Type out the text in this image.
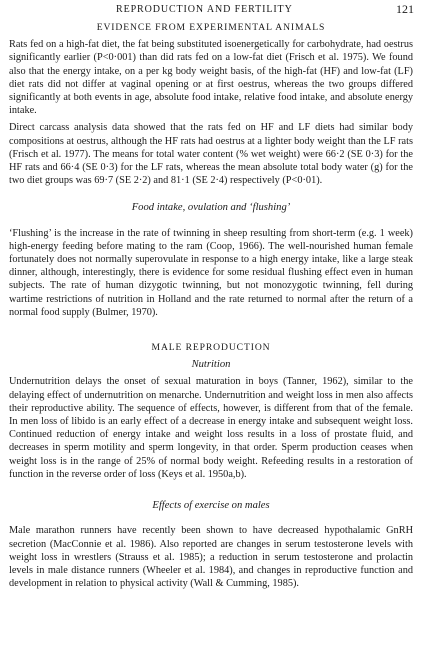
REPRODUCTION AND FERTILITY	121
EVIDENCE FROM EXPERIMENTAL ANIMALS

Rats fed on a high-fat diet, the fat being substituted isoenergetically for carbohydrate, had oestrus significantly earlier (P<0·001) than did rats fed on a low-fat diet (Frisch et al. 1975). We found also that the energy intake, on a per kg body weight basis, of the high-fat (HF) and low-fat (LF) diet rats did not differ at vaginal opening or at first oestrus, whereas the two groups differed significantly at both events in age, absolute food intake, relative food intake, and absolute energy intake.

Direct carcass analysis data showed that the rats fed on HF and LF diets had similar body compositions at oestrus, although the HF rats had oestrus at a lighter body weight than the LF rats (Frisch et al. 1977). The means for total water content (% wet weight) were 66·2 (SE 0·3) for the HF rats and 66·4 (SE 0·3) for the LF rats, whereas the mean absolute total body water (g) for the two diet groups was 69·7 (SE 2·2) and 81·1 (SE 2·4) respectively (P<0·01).

Food intake, ovulation and ‘flushing’

‘Flushing’ is the increase in the rate of twinning in sheep resulting from short-term (e.g. 1 week) high-energy feeding before mating to the ram (Coop, 1966). The well-nourished human female fortunately does not normally superovulate in response to a high energy intake, like a large steak dinner, although, interestingly, there is evidence for some residual flushing effect even in human subjects. The rate of human dizygotic twinning, but not monozygotic twinning, fell during wartime restrictions of nutrition in Holland and the rate returned to normal after the return of a normal food supply (Bulmer, 1970).

MALE REPRODUCTION
Nutrition

Undernutrition delays the onset of sexual maturation in boys (Tanner, 1962), similar to the delaying effect of undernutrition on menarche. Undernutrition and weight loss in men also affects their reproductive ability. The sequence of effects, however, is different from that of the female. In men loss of libido is an early effect of a decrease in energy intake and subsequent weight loss. Continued reduction of energy intake and weight loss results in a loss of prostate fluid, and decreases in sperm motility and sperm longevity, in that order. Sperm production ceases when weight loss is in the range of 25% of normal body weight. Refeeding results in a restoration of function in the reverse order of loss (Keys et al. 1950a,b).

Effects of exercise on males

Male marathon runners have recently been shown to have decreased hypothalamic GnRH secretion (MacConnie et al. 1986). Also reported are changes in serum testosterone levels with weight loss in wrestlers (Strauss et al. 1985); a reduction in serum testosterone and prolactin levels in male distance runners (Wheeler et al. 1984), and changes in reproductive function and development in relation to physical activity (Wall & Cumming, 1985).
